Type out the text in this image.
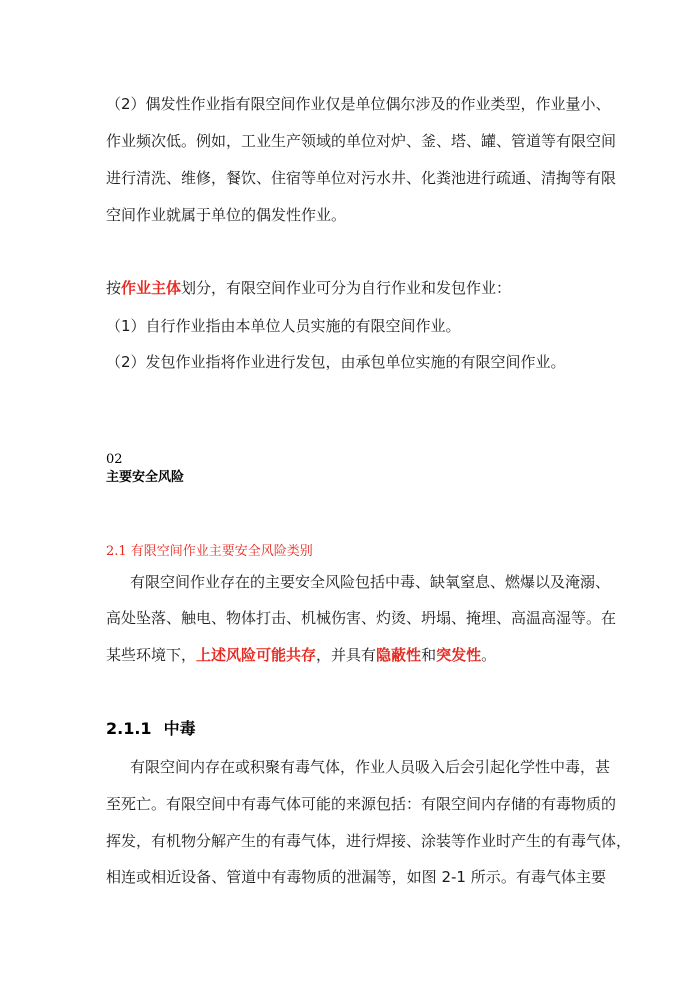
（2）偶发性作业指有限空间作业仅是单位偶尔涉及的作业类型，作业量小、
作业频次低。例如，工业生产领域的单位对炉、釜、塔、罐、管道等有限空间
进行清洗、维修，餐饮、住宿等单位对污水井、化粪池进行疏通、清掏等有限
空间作业就属于单位的偶发性作业。
按作业主体划分，有限空间作业可分为自行作业和发包作业：
（1）自行作业指由本单位人员实施的有限空间作业。
（2）发包作业指将作业进行发包，由承包单位实施的有限空间作业。
02
主要安全风险
2.1 有限空间作业主要安全风险类别
有限空间作业存在的主要安全风险包括中毒、缺氧窒息、燃爆以及淹溺、
高处坠落、触电、物体打击、机械伤害、灼烫、坍塌、掩埋、高温高湿等。在
某些环境下，上述风险可能共存，并具有隐蔽性和突发性。
2.1.1 中毒
有限空间内存在或积聚有毒气体，作业人员吸入后会引起化学性中毒，甚
至死亡。有限空间中有毒气体可能的来源包括：有限空间内存储的有毒物质的
挥发，有机物分解产生的有毒气体，进行焊接、涂装等作业时产生的有毒气体，
相连或相近设备、管道中有毒物质的泄漏等，如图 2-1 所示。有毒气体主要
